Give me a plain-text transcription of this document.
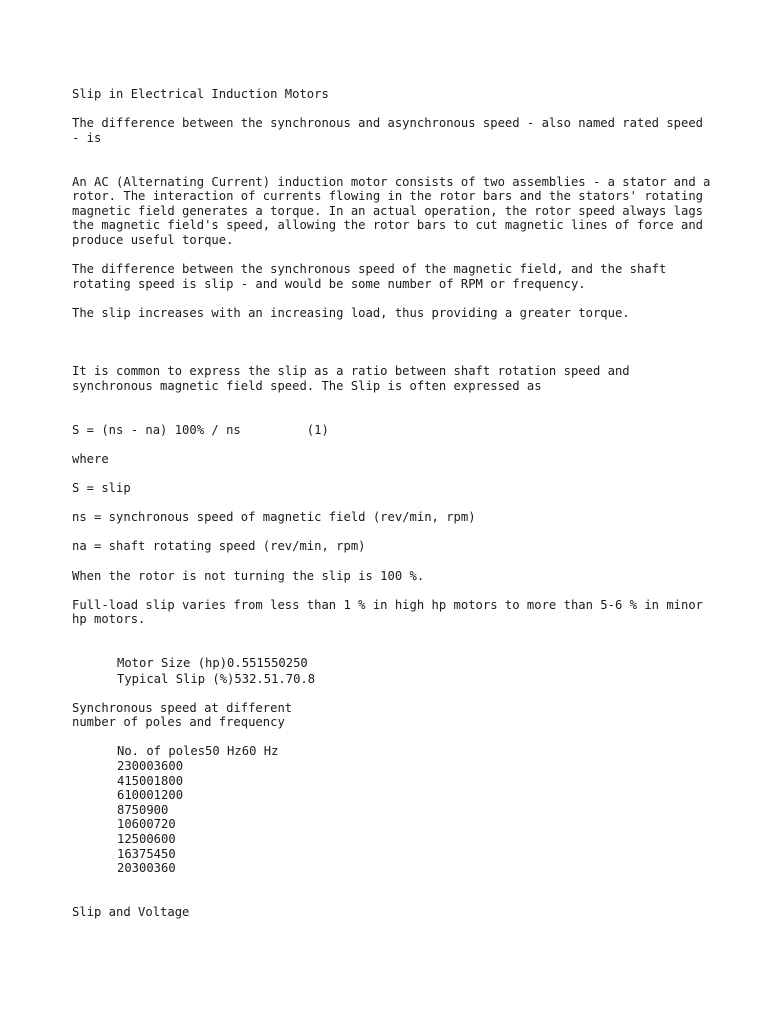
Slip in Electrical Induction Motors

The difference between the synchronous and asynchronous speed - also named rated speed - is

An AC (Alternating Current) induction motor consists of two assemblies - a stator and a rotor. The interaction of currents flowing in the rotor bars and the stators' rotating magnetic field generates a torque. In an actual operation, the rotor speed always lags the magnetic field's speed, allowing the rotor bars to cut magnetic lines of force and produce useful torque.

The difference between the synchronous speed of the magnetic field, and the shaft rotating speed is slip - and would be some number of RPM or frequency.

The slip increases with an increasing load, thus providing a greater torque.

It is common to express the slip as a ratio between shaft rotation speed and synchronous magnetic field speed. The Slip is often expressed as

S = (ns - na) 100% / ns         (1)

where

S = slip

ns = synchronous speed of magnetic field (rev/min, rpm)

na = shaft rotating speed (rev/min, rpm)

When the rotor is not turning the slip is 100 %.

Full-load slip varies from less than 1 % in high hp motors to more than 5-6 % in minor hp motors.

Motor Size (hp)0.551550250

Typical Slip (%)532.51.70.8

Synchronous speed at different

number of poles and frequency

No. of poles50 Hz60 Hz

230003600

415001800

610001200

8750900

10600720

12500600

16375450

20300360

Slip and Voltage
